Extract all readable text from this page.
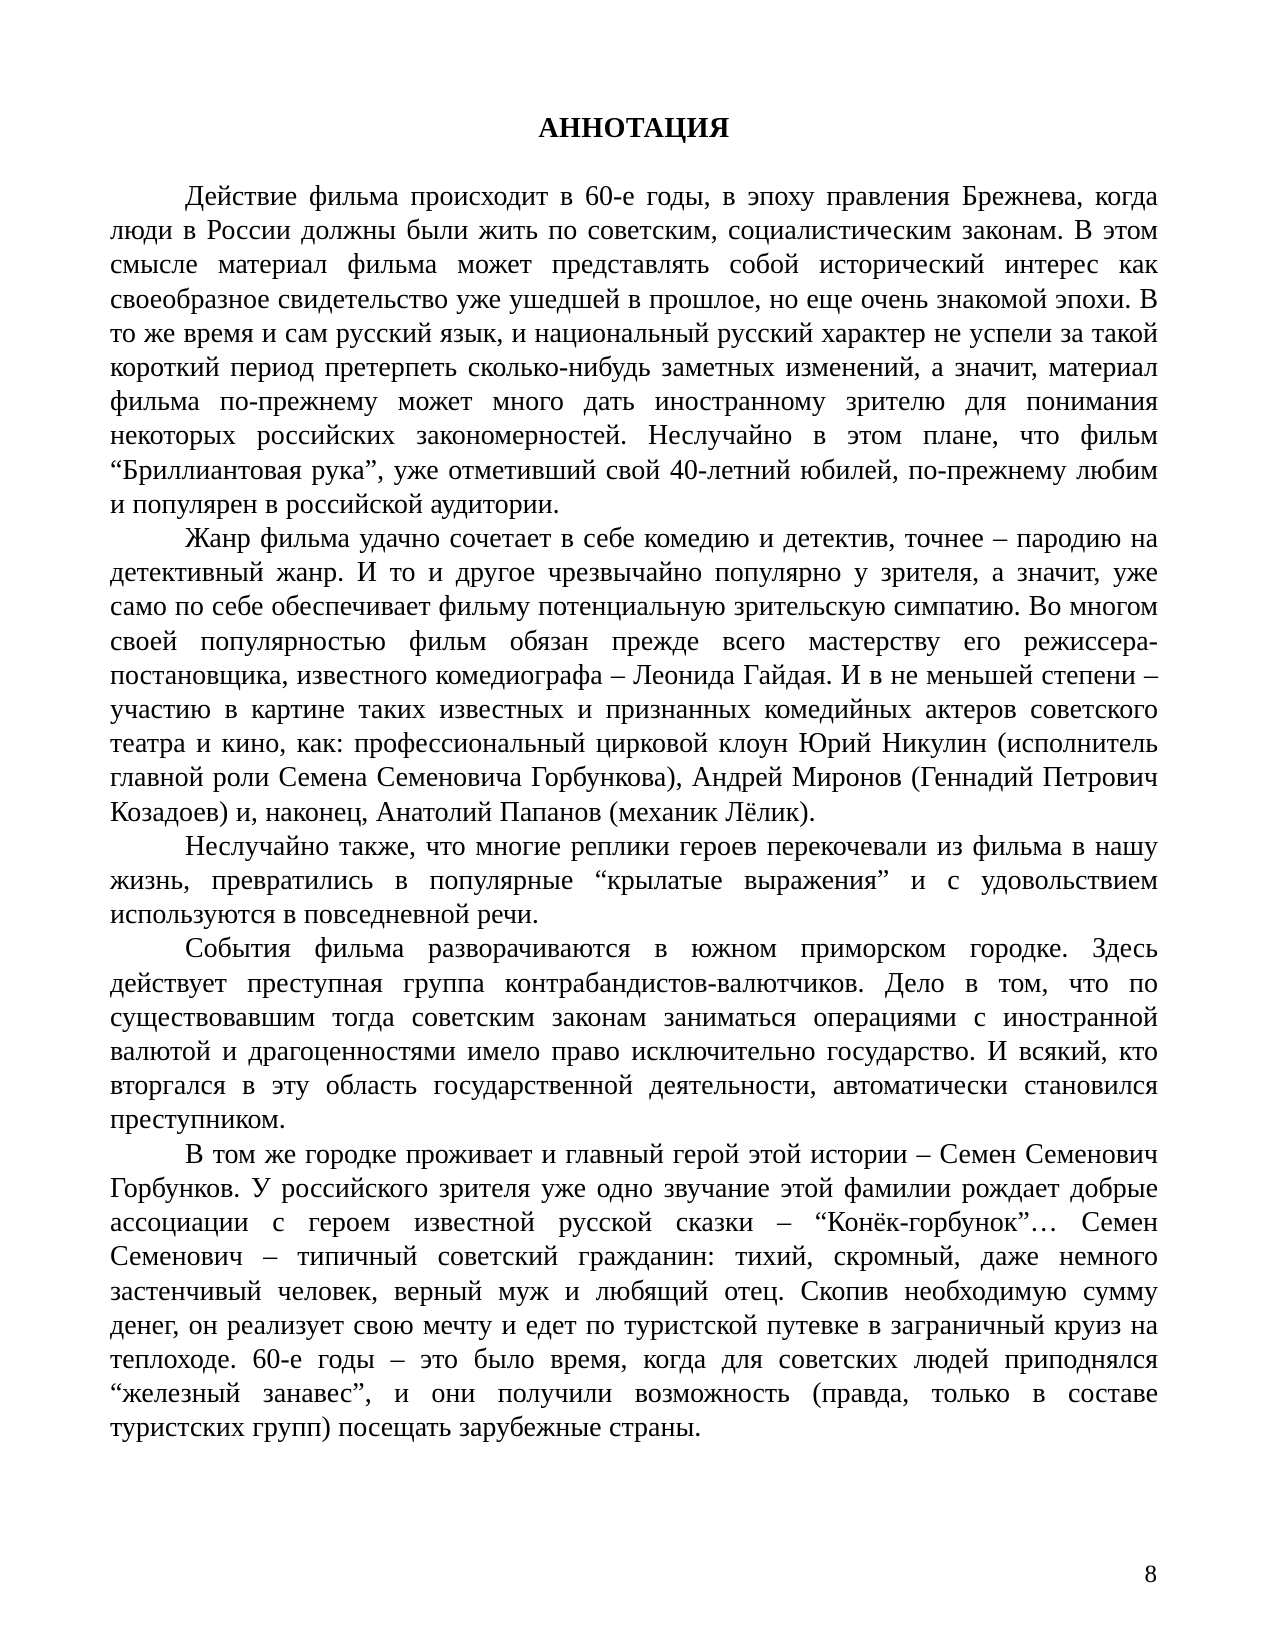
АННОТАЦИЯ

Действие фильма происходит в 60-е годы, в эпоху правления Брежнева, когда люди в России должны были жить по советским, социалистическим законам. В этом смысле материал фильма может представлять собой исторический интерес как своеобразное свидетельство уже ушедшей в прошлое, но еще очень знакомой эпохи. В то же время и сам русский язык, и национальный русский характер не успели за такой короткий период претерпеть сколько-нибудь заметных изменений, а значит, материал фильма по-прежнему может много дать иностранному зрителю для понимания некоторых российских закономерностей. Неслучайно в этом плане, что фильм “Бриллиантовая рука”, уже отметивший свой 40-летний юбилей, по-прежнему любим и популярен в российской аудитории.

Жанр фильма удачно сочетает в себе комедию и детектив, точнее – пародию на детективный жанр. И то и другое чрезвычайно популярно у зрителя, а значит, уже само по себе обеспечивает фильму потенциальную зрительскую симпатию. Во многом своей популярностью фильм обязан прежде всего мастерству его режиссера-постановщика, известного комедиографа – Леонида Гайдая. И в не меньшей степени – участию в картине таких известных и признанных комедийных актеров советского театра и кино, как: профессиональный цирковой клоун Юрий Никулин (исполнитель главной роли Семена Семеновича Горбункова), Андрей Миронов (Геннадий Петрович Козадоев) и, наконец, Анатолий Папанов (механик Лёлик).

Неслучайно также, что многие реплики героев перекочевали из фильма в нашу жизнь, превратились в популярные “крылатые выражения” и с удовольствием используются в повседневной речи.

События фильма разворачиваются в южном приморском городке. Здесь действует преступная группа контрабандистов-валютчиков. Дело в том, что по существовавшим тогда советским законам заниматься операциями с иностранной валютой и драгоценностями имело право исключительно государство. И всякий, кто вторгался в эту область государственной деятельности, автоматически становился преступником.

В том же городке проживает и главный герой этой истории – Семен Семенович Горбунков. У российского зрителя уже одно звучание этой фамилии рождает добрые ассоциации с героем известной русской сказки – “Конёк-горбунок”… Семен Семенович – типичный советский гражданин: тихий, скромный, даже немного застенчивый человек, верный муж и любящий отец. Скопив необходимую сумму денег, он реализует свою мечту и едет по туристской путевке в заграничный круиз на теплоходе. 60-е годы – это было время, когда для советских людей приподнялся “железный занавес”, и они получили возможность (правда, только в составе туристских групп) посещать зарубежные страны.

8
